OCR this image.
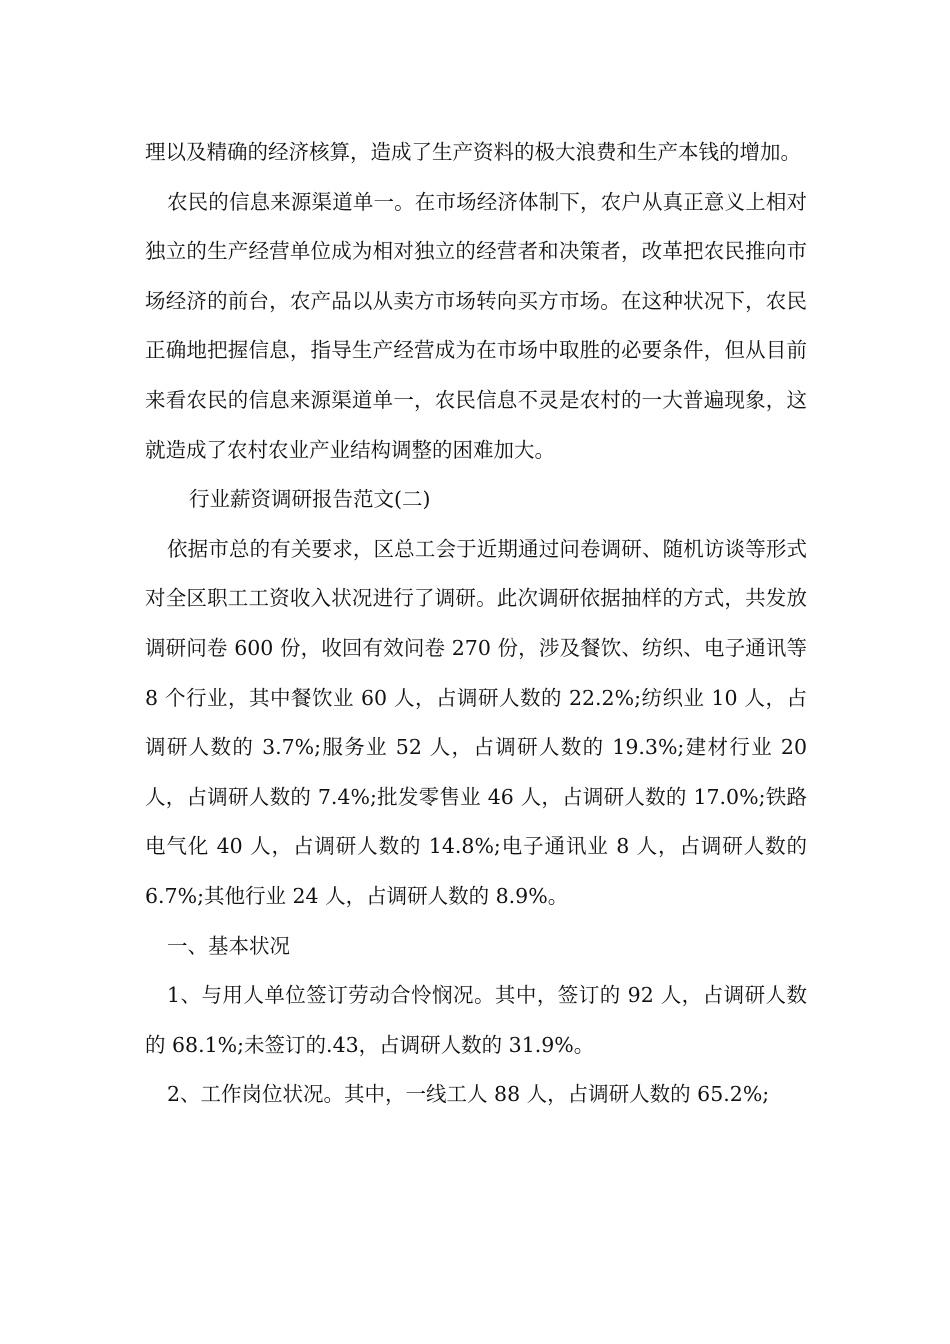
理以及精确的经济核算，造成了生产资料的极大浪费和生产本钱的增加。

农民的信息来源渠道单一。在市场经济体制下，农户从真正意义上相对独立的生产经营单位成为相对独立的经营者和决策者，改革把农民推向市场经济的前台，农产品以从卖方市场转向买方市场。在这种状况下，农民正确地把握信息，指导生产经营成为在市场中取胜的必要条件，但从目前来看农民的信息来源渠道单一，农民信息不灵是农村的一大普遍现象，这就造成了农村农业产业结构调整的困难加大。

行业薪资调研报告范文(二)

依据市总的有关要求，区总工会于近期通过问卷调研、随机访谈等形式对全区职工工资收入状况进行了调研。此次调研依据抽样的方式，共发放调研问卷 600 份，收回有效问卷 270 份，涉及餐饮、纺织、电子通讯等 8 个行业，其中餐饮业 60 人，占调研人数的 22.2%;纺织业 10 人，占调研人数的 3.7%;服务业 52 人，占调研人数的 19.3%;建材行业 20 人，占调研人数的 7.4%;批发零售业 46 人，占调研人数的 17.0%;铁路电气化 40 人，占调研人数的 14.8%;电子通讯业 8 人，占调研人数的 6.7%;其他行业 24 人，占调研人数的 8.9%。

一、基本状况

1、与用人单位签订劳动合怜悯况。其中，签订的 92 人，占调研人数的 68.1%;未签订的.43，占调研人数的 31.9%。

2、工作岗位状况。其中，一线工人 88 人，占调研人数的 65.2%;
